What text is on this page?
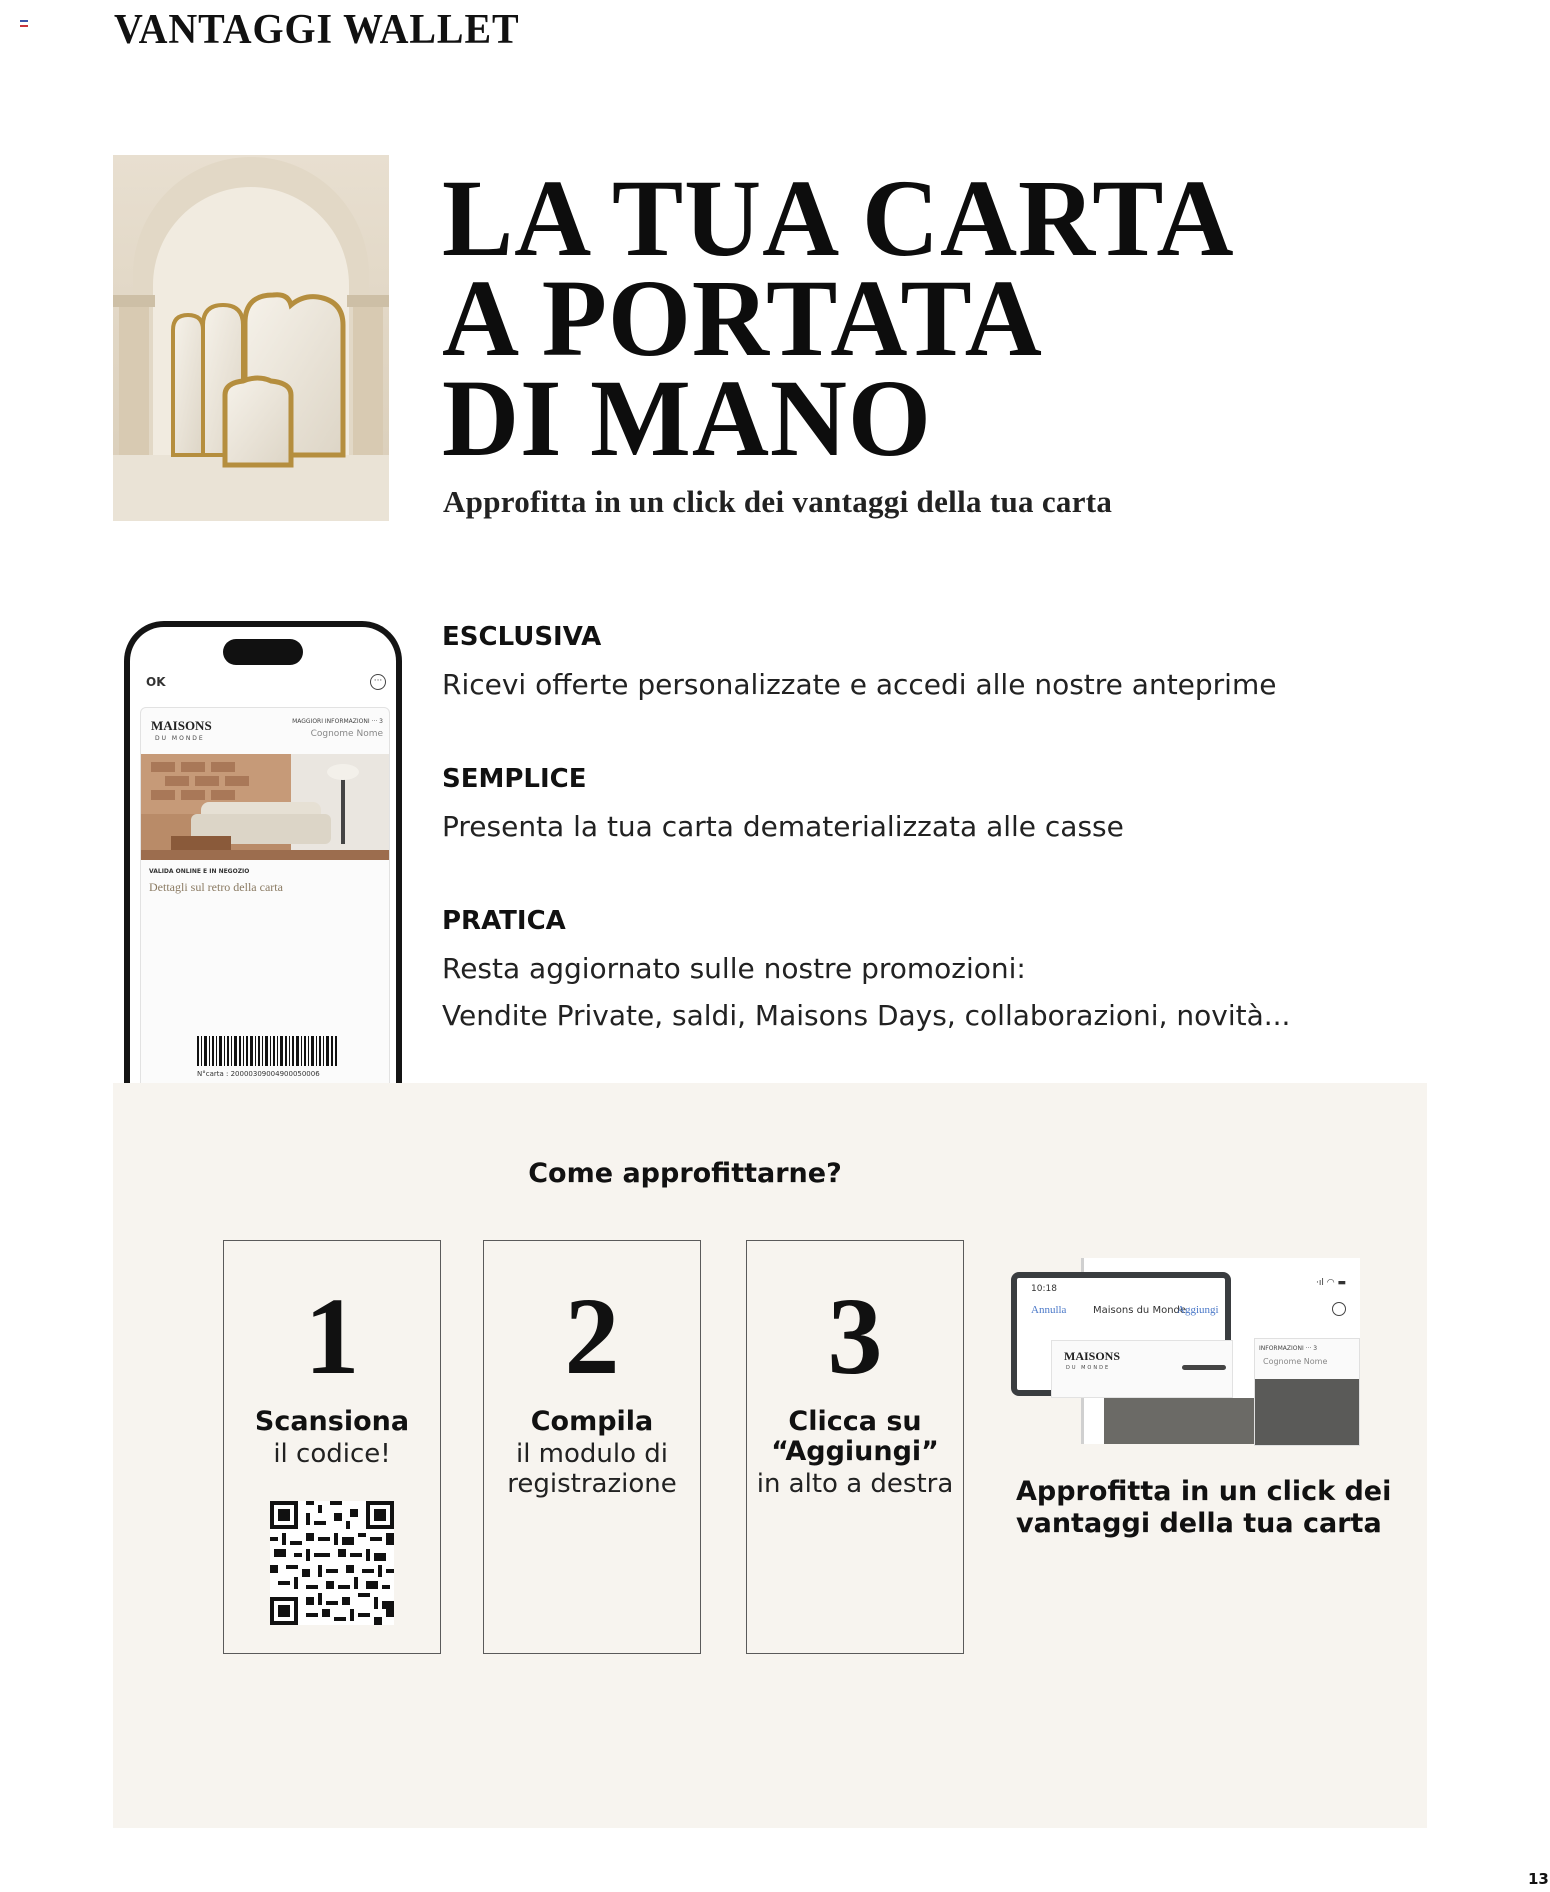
VANTAGGI WALLET
LA TUA CARTA
A PORTATA
DI MANO
Approfitta in un click dei vantaggi della tua carta
OK	···
MAISONS
DU MONDE
MAGGIORI INFORMAZIONI ··· 3
Cognome Nome
VALIDA ONLINE E IN NEGOZIO
Dettagli sul retro della carta
N°carta : 20000309004900050006
ESCLUSIVA
Ricevi offerte personalizzate e accedi alle nostre anteprime
SEMPLICE
Presenta la tua carta dematerializzata alle casse
PRATICA
Resta aggiornato sulle nostre promozioni:
Vendite Private, saldi, Maisons Days, collaborazioni, novità...
Come approfittarne?
1
Scansiona
il codice!
2
Compila
il modulo di
registrazione
3
Clicca su
“Aggiungi”
in alto a destra
·ıl ◠ ▬
INFORMAZIONI ··· 3
Cognome Nome
10:18
Annulla	Maisons du Monde
Aggiungi
MAISONS
DU MONDE
Approfitta in un click dei vantaggi della tua carta
13
